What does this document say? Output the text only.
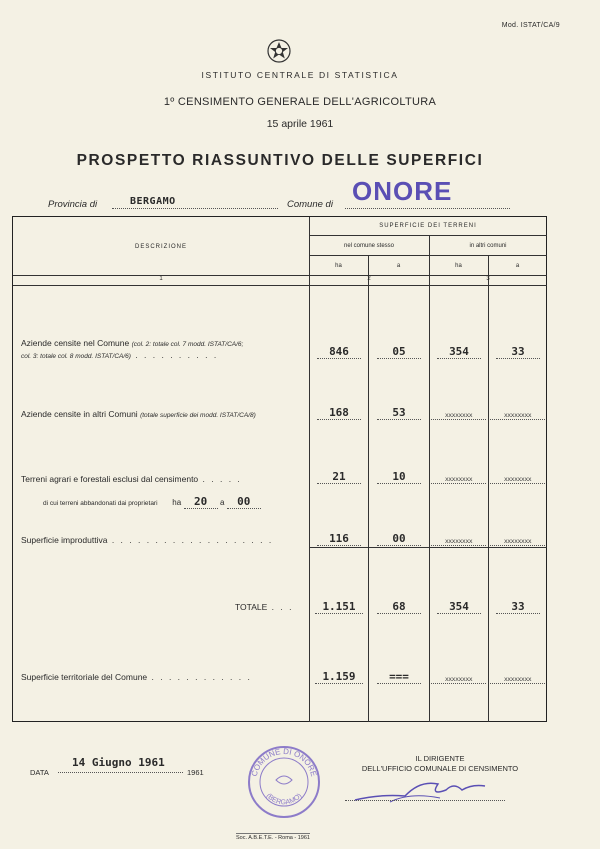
Mod. ISTAT/CA/9
ISTITUTO CENTRALE DI STATISTICA
1º CENSIMENTO GENERALE DELL'AGRICOLTURA
15 aprile 1961
PROSPETTO RIASSUNTIVO DELLE SUPERFICI
Provincia di	BERGAMO	Comune di ONORE
DESCRIZIONE
SUPERFICIE DEI TERRENI
nel comune stesso	in altri comuni
ha	a	ha	a
1	2	3
Aziende censite nel Comune (col. 2: totale col. 7 modd. ISTAT/CA/6;
col. 3: totale col. 8 modd. ISTAT/CA/6) . . . . . . . . . .	846	05	354	33
Aziende censite in altri Comuni (totale superficie dei modd. ISTAT/CA/8)	168	53	xxxxxxxx	xxxxxxxx
Terreni agrari e forestali esclusi dal censimento . . . . .	21	10	xxxxxxxx	xxxxxxxx
di cui terreni abbandonati dai proprietari ha 20 a 00
Superficie improduttiva . . . . . . . . . . . . . . . . . . .	116	00	xxxxxxxx	xxxxxxxx
TOTALE . . .	1.151	68	354	33
Superficie territoriale del Comune . . . . . . . . . . . .	1.159	===	xxxxxxxx	xxxxxxxx
DATA
14 Giugno 1961
1961	COMUNE DI ONORE
(BERGAMO)
IL DIRIGENTE
DELL'UFFICIO COMUNALE DI CENSIMENTO
Soc. A.B.E.T.E. - Roma - 1961
